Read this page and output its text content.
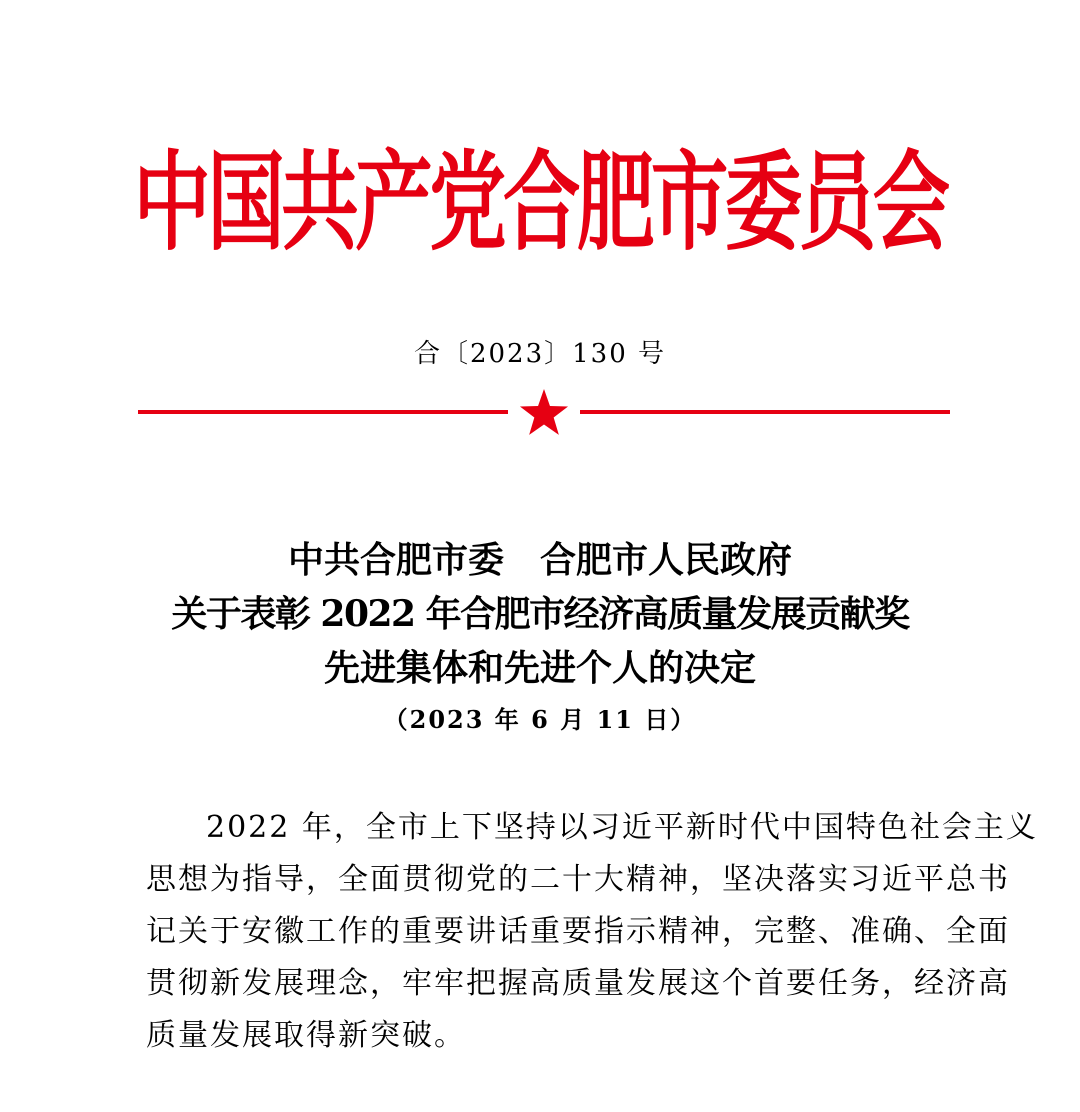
中国共产党合肥市委员会
合〔2023〕130 号
中共合肥市委　合肥市人民政府
关于表彰 2022 年合肥市经济高质量发展贡献奖
先进集体和先进个人的决定
（2023 年 6 月 11 日）
2022 年，全市上下坚持以习近平新时代中国特色社会主义
思想为指导，全面贯彻党的二十大精神，坚决落实习近平总书
记关于安徽工作的重要讲话重要指示精神，完整、准确、全面
贯彻新发展理念，牢牢把握高质量发展这个首要任务，经济高
质量发展取得新突破。
